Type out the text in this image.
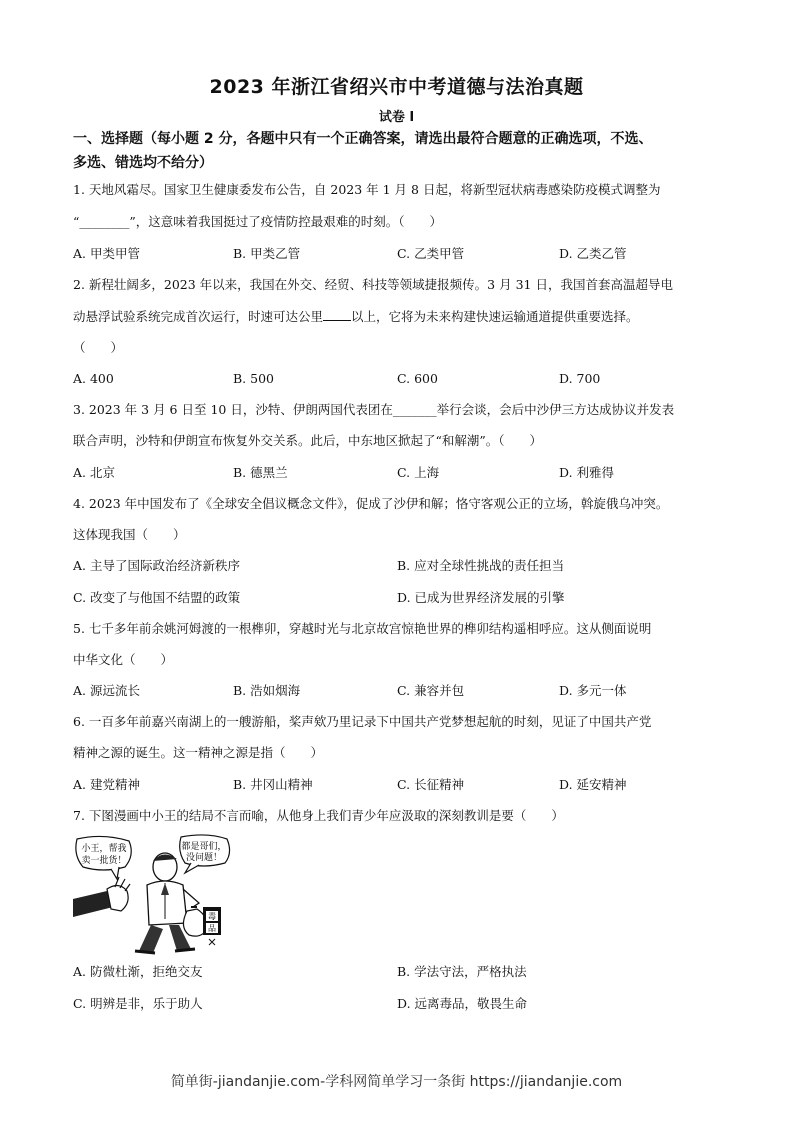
2023 年浙江省绍兴市中考道德与法治真题
试卷 I
一、选择题（每小题 2 分，各题中只有一个正确答案，请选出最符合题意的正确选项，不选、
多选、错选均不给分）
1. 天地风霜尽。国家卫生健康委发布公告，自 2023 年 1 月 8 日起，将新型冠状病毒感染防疫模式调整为
“________”，这意味着我国挺过了疫情防控最艰难的时刻。（　　）
A. 甲类甲管	B. 甲类乙管	C. 乙类甲管	D. 乙类乙管
2. 新程壮阔多，2023 年以来，我国在外交、经贸、科技等领域捷报频传。3 月 31 日，我国首套高温超导电
动悬浮试验系统完成首次运行，时速可达公里 以上，它将为未来构建快速运输通道提供重要选择。
（　　）
A. 400	B. 500	C. 600	D. 700
3. 2023 年 3 月 6 日至 10 日，沙特、伊朗两国代表团在_______举行会谈，会后中沙伊三方达成协议并发表
联合声明，沙特和伊朗宣布恢复外交关系。此后，中东地区掀起了“和解潮”。（　　）
A. 北京	B. 德黑兰	C. 上海	D. 利雅得
4. 2023 年中国发布了《全球安全倡议概念文件》，促成了沙伊和解；恪守客观公正的立场，斡旋俄乌冲突。
这体现我国（　　）
A. 主导了国际政治经济新秩序	B. 应对全球性挑战的责任担当
C. 改变了与他国不结盟的政策	D. 已成为世界经济发展的引擎
5. 七千多年前余姚河姆渡的一根榫卯，穿越时光与北京故宫惊艳世界的榫卯结构遥相呼应。这从侧面说明
中华文化（　　）
A. 源远流长	B. 浩如烟海	C. 兼容并包	D. 多元一体
6. 一百多年前嘉兴南湖上的一艘游船，桨声欸乃里记录下中国共产党梦想起航的时刻，见证了中国共产党
精神之源的诞生。这一精神之源是指（　　）
A. 建党精神	B. 井冈山精神	C. 长征精神	D. 延安精神
7. 下图漫画中小王的结局不言而喻，从他身上我们青少年应汲取的深刻教训是要（　　）
小王，帮我
卖一批货！
都是哥们，
没问题！
毒
品
A. 防微杜渐，拒绝交友	B. 学法守法，严格执法
C. 明辨是非，乐于助人	D. 远离毒品，敬畏生命
简单街-jiandanjie.com-学科网简单学习一条街 https://jiandanjie.com
